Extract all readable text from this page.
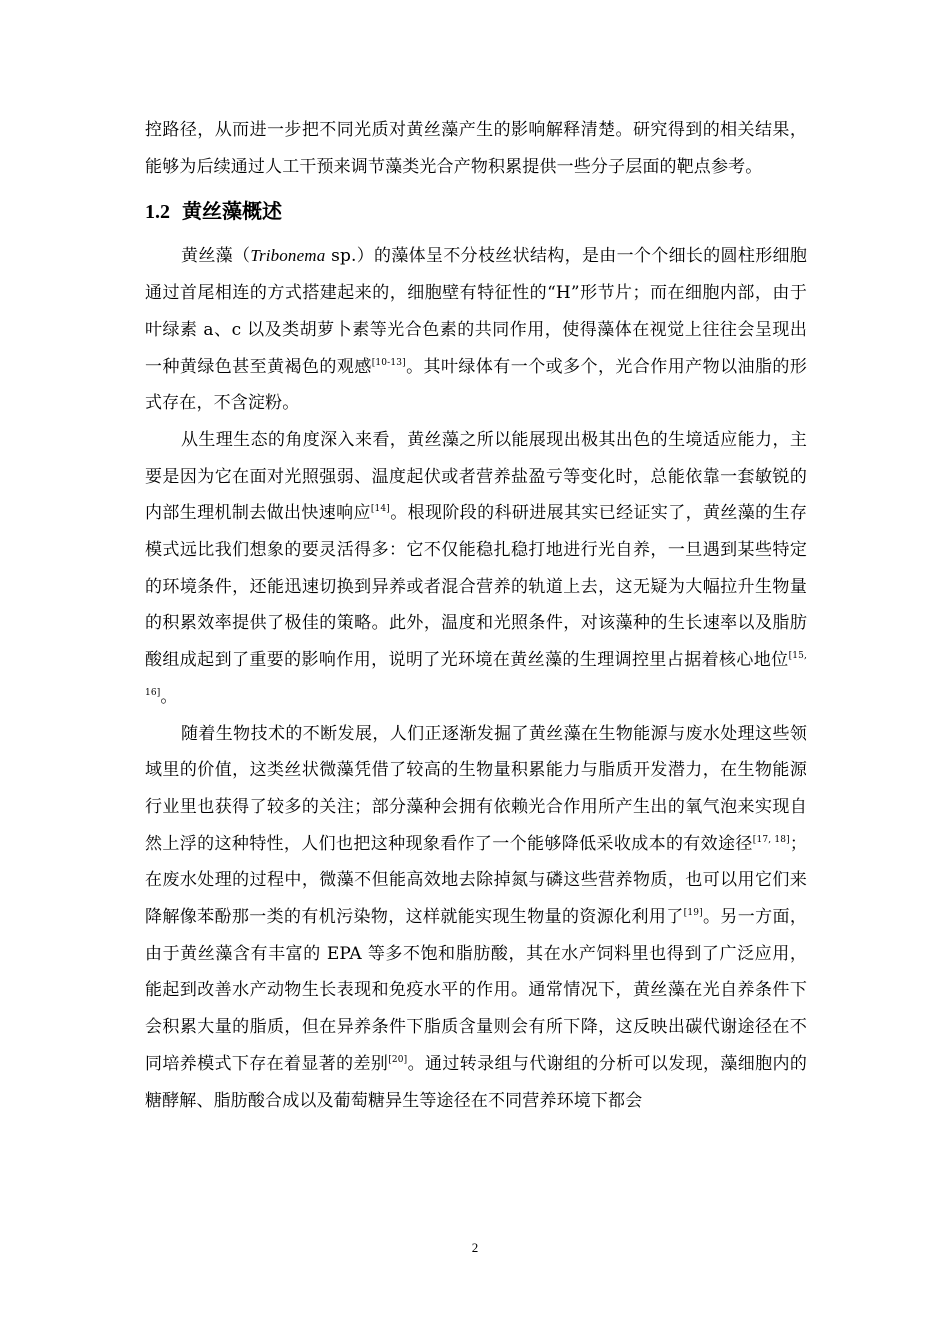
控路径，从而进一步把不同光质对黄丝藻产生的影响解释清楚。研究得到的相关结果，能够为后续通过人工干预来调节藻类光合产物积累提供一些分子层面的靶点参考。

1.2 黄丝藻概述

黄丝藻（Tribonema sp.）的藻体呈不分枝丝状结构，是由一个个细长的圆柱形细胞通过首尾相连的方式搭建起来的，细胞壁有特征性的“H”形节片；而在细胞内部，由于叶绿素 a、c 以及类胡萝卜素等光合色素的共同作用，使得藻体在视觉上往往会呈现出一种黄绿色甚至黄褐色的观感[10-13]。其叶绿体有一个或多个，光合作用产物以油脂的形式存在，不含淀粉。

从生理生态的角度深入来看，黄丝藻之所以能展现出极其出色的生境适应能力，主要是因为它在面对光照强弱、温度起伏或者营养盐盈亏等变化时，总能依靠一套敏锐的内部生理机制去做出快速响应[14]。根现阶段的科研进展其实已经证实了，黄丝藻的生存模式远比我们想象的要灵活得多：它不仅能稳扎稳打地进行光自养，一旦遇到某些特定的环境条件，还能迅速切换到异养或者混合营养的轨道上去，这无疑为大幅拉升生物量的积累效率提供了极佳的策略。此外，温度和光照条件，对该藻种的生长速率以及脂肪酸组成起到了重要的影响作用，说明了光环境在黄丝藻的生理调控里占据着核心地位[15, 16]。

随着生物技术的不断发展，人们正逐渐发掘了黄丝藻在生物能源与废水处理这些领域里的价值，这类丝状微藻凭借了较高的生物量积累能力与脂质开发潜力，在生物能源行业里也获得了较多的关注；部分藻种会拥有依赖光合作用所产生出的氧气泡来实现自然上浮的这种特性，人们也把这种现象看作了一个能够降低采收成本的有效途径[17, 18]；在废水处理的过程中，微藻不但能高效地去除掉氮与磷这些营养物质，也可以用它们来降解像苯酚那一类的有机污染物，这样就能实现生物量的资源化利用了[19]。另一方面，由于黄丝藻含有丰富的 EPA 等多不饱和脂肪酸，其在水产饲料里也得到了广泛应用，能起到改善水产动物生长表现和免疫水平的作用。通常情况下，黄丝藻在光自养条件下会积累大量的脂质，但在异养条件下脂质含量则会有所下降，这反映出碳代谢途径在不同培养模式下存在着显著的差别[20]。通过转录组与代谢组的分析可以发现，藻细胞内的糖酵解、脂肪酸合成以及葡萄糖异生等途径在不同营养环境下都会

2
